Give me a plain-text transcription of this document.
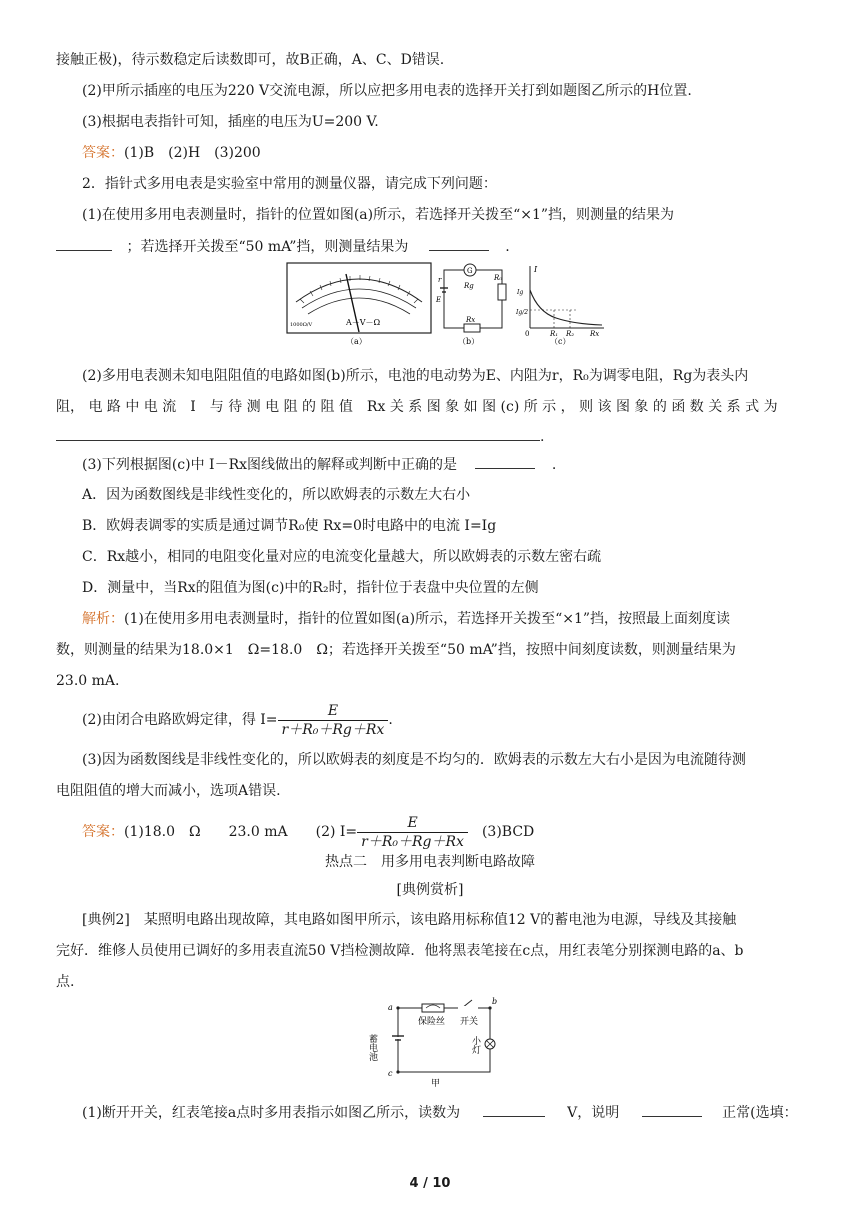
接触正极)，待示数稳定后读数即可，故B正确，A、C、D错误.
(2)甲所示插座的电压为220 V交流电源，所以应把多用电表的选择开关打到如题图乙所示的H位置.
(3)根据电表指针可知，插座的电压为U=200 V.
答案：(1)B　(2)H　(3)200
2．指针式多用电表是实验室中常用的测量仪器，请完成下列问题：
(1)在使用多用电表测量时，指针的位置如图(a)所示，若选择开关拨至“×1”挡，则测量的结果为
；若选择开关拨至“50 mA”挡，则测量结果为	.
A－V－Ω
1000Ω/V
（a）
G
r
E
R₀
Rg
Rx
（b）
I
Ig
Ig/2
0	R₁ R₂ Rx
（c）
(2)多用电表测未知电阻阻值的电路如图(b)所示，电池的电动势为E、内阻为r，R₀为调零电阻，Rg为表头内
阻， 电 路 中 电 流　I　与 待 测 电 阻 的 阻 值　Rx 关 系 图 象 如 图 (c) 所 示 ， 则 该 图 象 的 函 数 关 系 式 为
.
(3)下列根据图(c)中 I－Rx图线做出的解释或判断中正确的是	.
A．因为函数图线是非线性变化的，所以欧姆表的示数左大右小
B．欧姆表调零的实质是通过调节R₀使 Rx=0时电路中的电流 I=Ig
C．Rx越小，相同的电阻变化量对应的电流变化量越大，所以欧姆表的示数左密右疏
D．测量中，当Rx的阻值为图(c)中的R₂时，指针位于表盘中央位置的左侧
解析：(1)在使用多用电表测量时，指针的位置如图(a)所示，若选择开关拨至“×1”挡，按照最上面刻度读
数，则测量的结果为18.0×1　Ω=18.0　Ω；若选择开关拨至“50 mA”挡，按照中间刻度读数，则测量结果为
23.0 mA.
(2)由闭合电路欧姆定律，得 $I= \frac{E}{\text{r＋R₀＋Rg＋Rx}}$ .
(3)因为函数图线是非线性变化的，所以欧姆表的刻度是不均匀的．欧姆表的示数左大右小是因为电流随待测
电阻阻值的增大而减小，选项A错误.
答案：(1)18.0　Ω　　23.0 mA　　(2) $I= \frac{E}{\text{r＋R₀＋Rg＋Rx}}$ 　(3)BCD
热点二　用多用电表判断电路故障
[典例赏析]
[典例2]　某照明电路出现故障，其电路如图甲所示，该电路用标称值12 V的蓄电池为电源，导线及其接触
完好．维修人员使用已调好的多用表直流50 V挡检测故障．他将黑表笔接在c点，用红表笔分别探测电路的a、b
点.
a
b
c
保险丝 开关
甲
蓄电池	小灯
(1)断开开关，红表笔接a点时多用表指示如图乙所示，读数为	V，说明	正常(选填：
4 / 10
